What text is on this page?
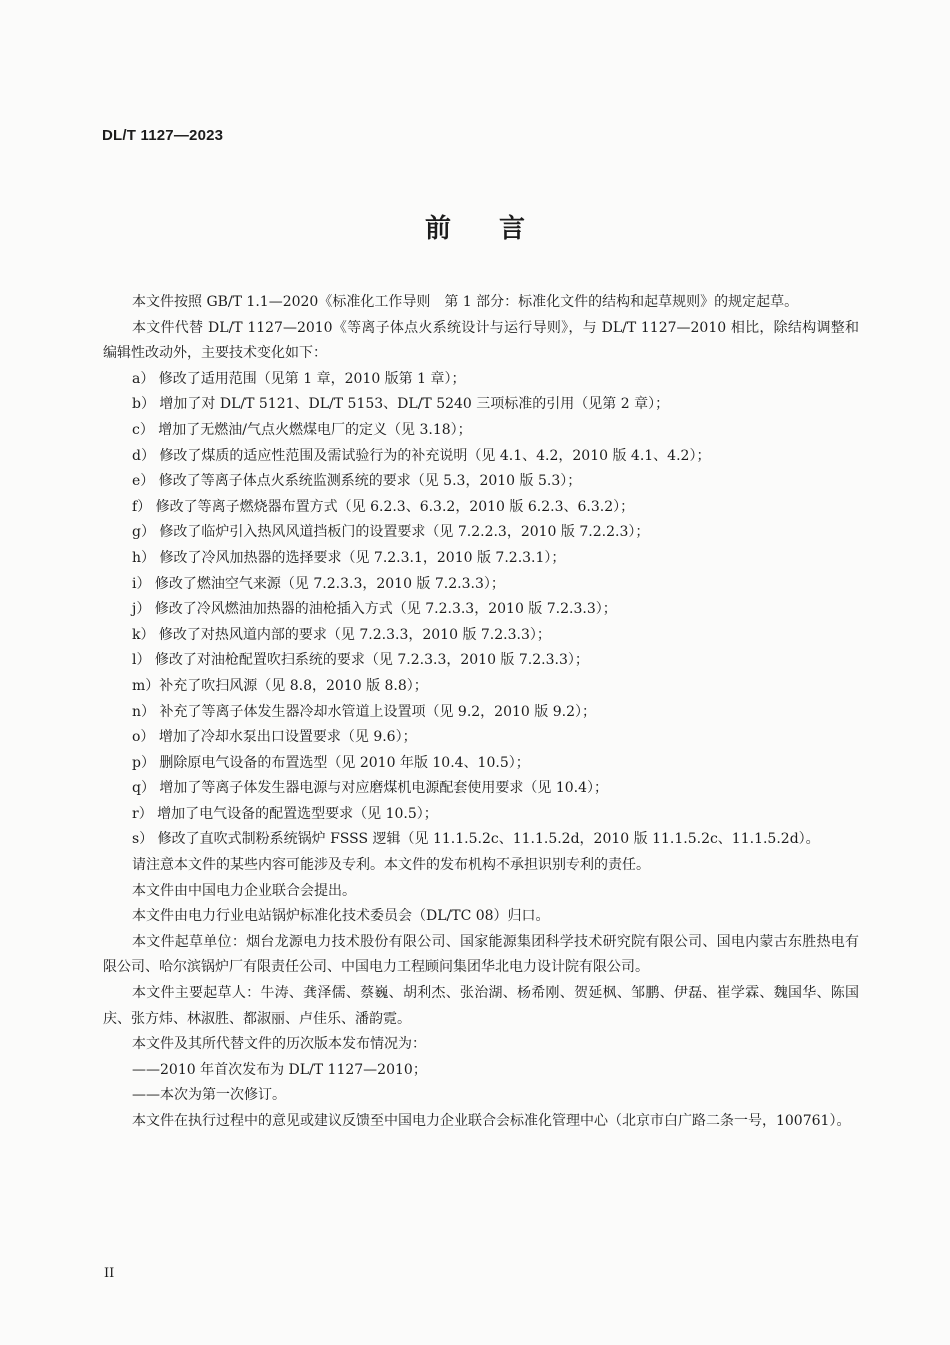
DL/T 1127—2023
前 言

本文件按照 GB/T 1.1—2020《标准化工作导则　第 1 部分：标准化文件的结构和起草规则》的规定起草。

本文件代替 DL/T 1127—2010《等离子体点火系统设计与运行导则》，与 DL/T 1127—2010 相比，除结构调整和编辑性改动外，主要技术变化如下：

a） 修改了适用范围（见第 1 章，2010 版第 1 章）；

b） 增加了对 DL/T 5121、DL/T 5153、DL/T 5240 三项标准的引用（见第 2 章）；

c） 增加了无燃油/气点火燃煤电厂的定义（见 3.18）；

d） 修改了煤质的适应性范围及需试验行为的补充说明（见 4.1、4.2，2010 版 4.1、4.2）；

e） 修改了等离子体点火系统监测系统的要求（见 5.3，2010 版 5.3）；

f） 修改了等离子燃烧器布置方式（见 6.2.3、6.3.2，2010 版 6.2.3、6.3.2）；

g） 修改了临炉引入热风风道挡板门的设置要求（见 7.2.2.3，2010 版 7.2.2.3）；

h） 修改了冷风加热器的选择要求（见 7.2.3.1，2010 版 7.2.3.1）；

i） 修改了燃油空气来源（见 7.2.3.3，2010 版 7.2.3.3）；

j） 修改了冷风燃油加热器的油枪插入方式（见 7.2.3.3，2010 版 7.2.3.3）；

k） 修改了对热风道内部的要求（见 7.2.3.3，2010 版 7.2.3.3）；

l） 修改了对油枪配置吹扫系统的要求（见 7.2.3.3，2010 版 7.2.3.3）；

m）补充了吹扫风源（见 8.8，2010 版 8.8）；

n） 补充了等离子体发生器冷却水管道上设置项（见 9.2，2010 版 9.2）；

o） 增加了冷却水泵出口设置要求（见 9.6）；

p） 删除原电气设备的布置选型（见 2010 年版 10.4、10.5）；

q） 增加了等离子体发生器电源与对应磨煤机电源配套使用要求（见 10.4）；

r） 增加了电气设备的配置选型要求（见 10.5）；

s） 修改了直吹式制粉系统锅炉 FSSS 逻辑（见 11.1.5.2c、11.1.5.2d，2010 版 11.1.5.2c、11.1.5.2d）。

请注意本文件的某些内容可能涉及专利。本文件的发布机构不承担识别专利的责任。

本文件由中国电力企业联合会提出。

本文件由电力行业电站锅炉标准化技术委员会（DL/TC 08）归口。

本文件起草单位：烟台龙源电力技术股份有限公司、国家能源集团科学技术研究院有限公司、国电内蒙古东胜热电有限公司、哈尔滨锅炉厂有限责任公司、中国电力工程顾问集团华北电力设计院有限公司。

本文件主要起草人：牛涛、龚泽儒、蔡巍、胡利杰、张治湖、杨希刚、贺延枫、邹鹏、伊磊、崔学霖、魏国华、陈国庆、张方炜、林淑胜、都淑丽、卢佳乐、潘韵霓。

本文件及其所代替文件的历次版本发布情况为：

——2010 年首次发布为 DL/T 1127—2010；

——本次为第一次修订。

本文件在执行过程中的意见或建议反馈至中国电力企业联合会标准化管理中心（北京市白广路二条一号，100761）。

II
